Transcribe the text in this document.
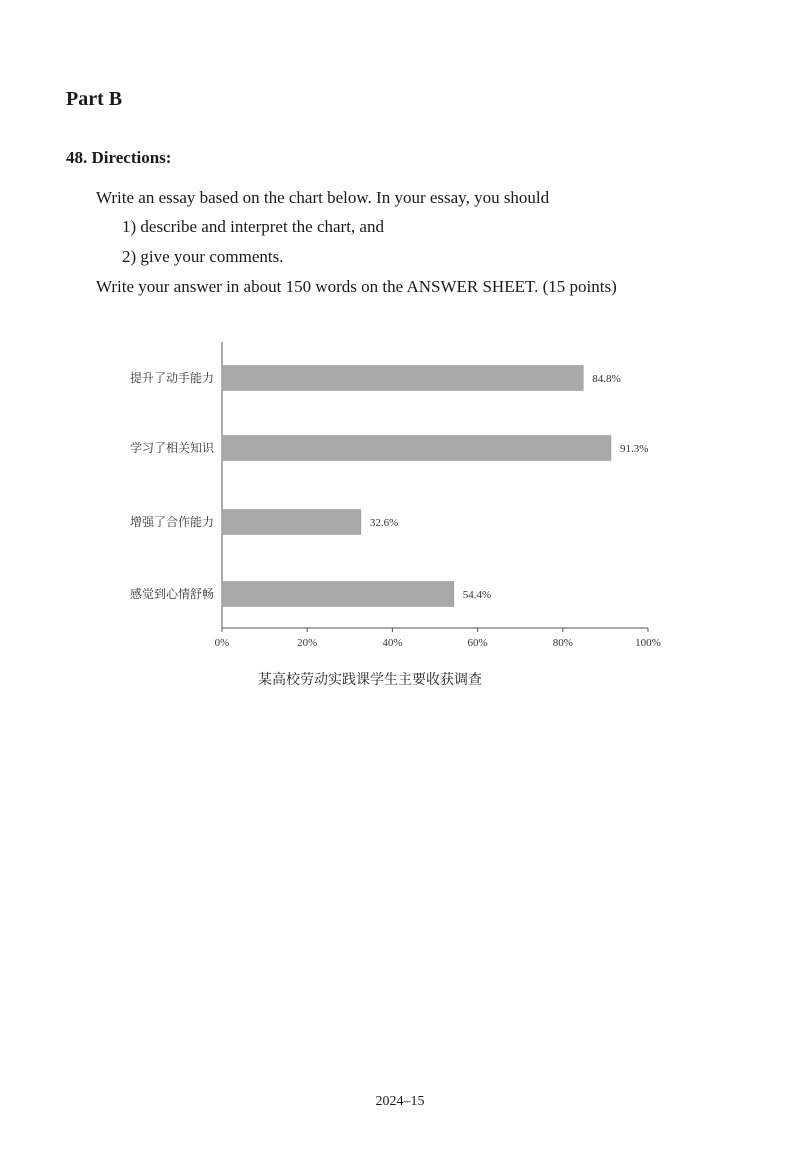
Part B
48. Directions:

Write an essay based on the chart below. In your essay, you should

1) describe and interpret the chart, and

2) give your comments.

Write your answer in about 150 words on the ANSWER SHEET. (15 points)

0%	20%	40%	60%	80%	100%
提升了动手能力	84.8%
学习了相关知识	91.3%
增强了合作能力	32.6%
感觉到心情舒畅	54.4%
某高校劳动实践课学生主要收获调查

2024–15
